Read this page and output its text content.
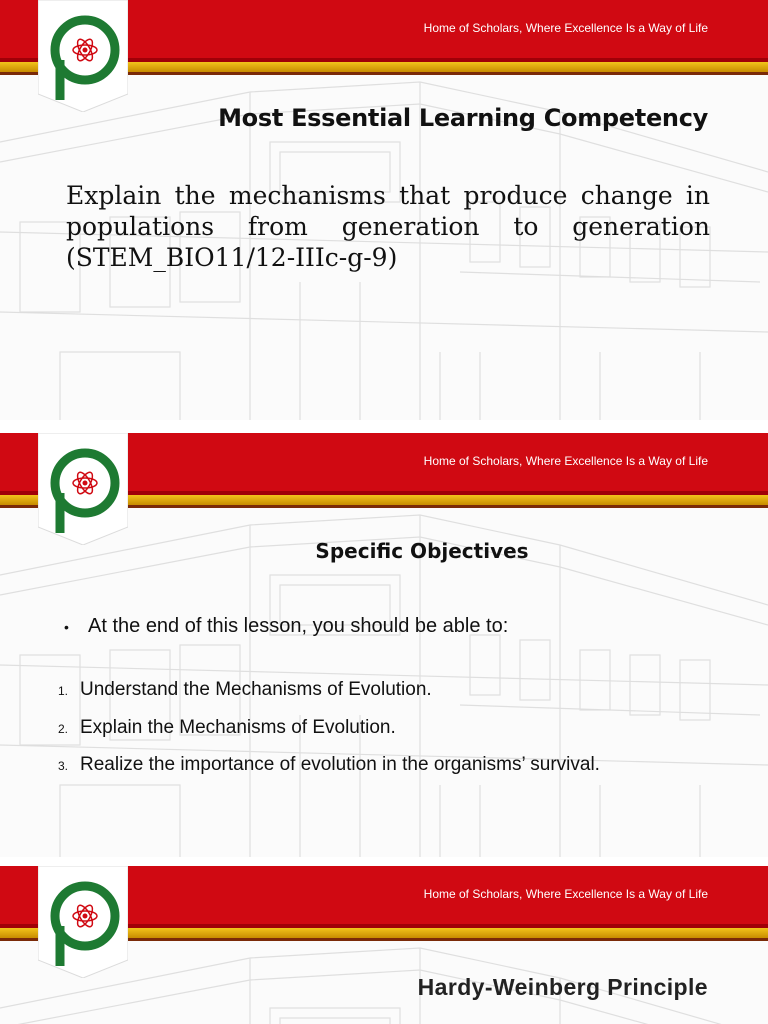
Home of Scholars, Where Excellence Is a Way of Life
Most Essential Learning Competency

Explain the mechanisms that produce change in populations from generation to generation (STEM_BIO11/12-IIIc-g-9)

Home of Scholars, Where Excellence Is a Way of Life
Specific Objectives
• At the end of this lesson, you should be able to:
1. Understand the Mechanisms of Evolution.
2. Explain the Mechanisms of Evolution.
3. Realize the importance of evolution in the organisms’ survival.
Home of Scholars, Where Excellence Is a Way of Life
Hardy-Weinberg Principle
